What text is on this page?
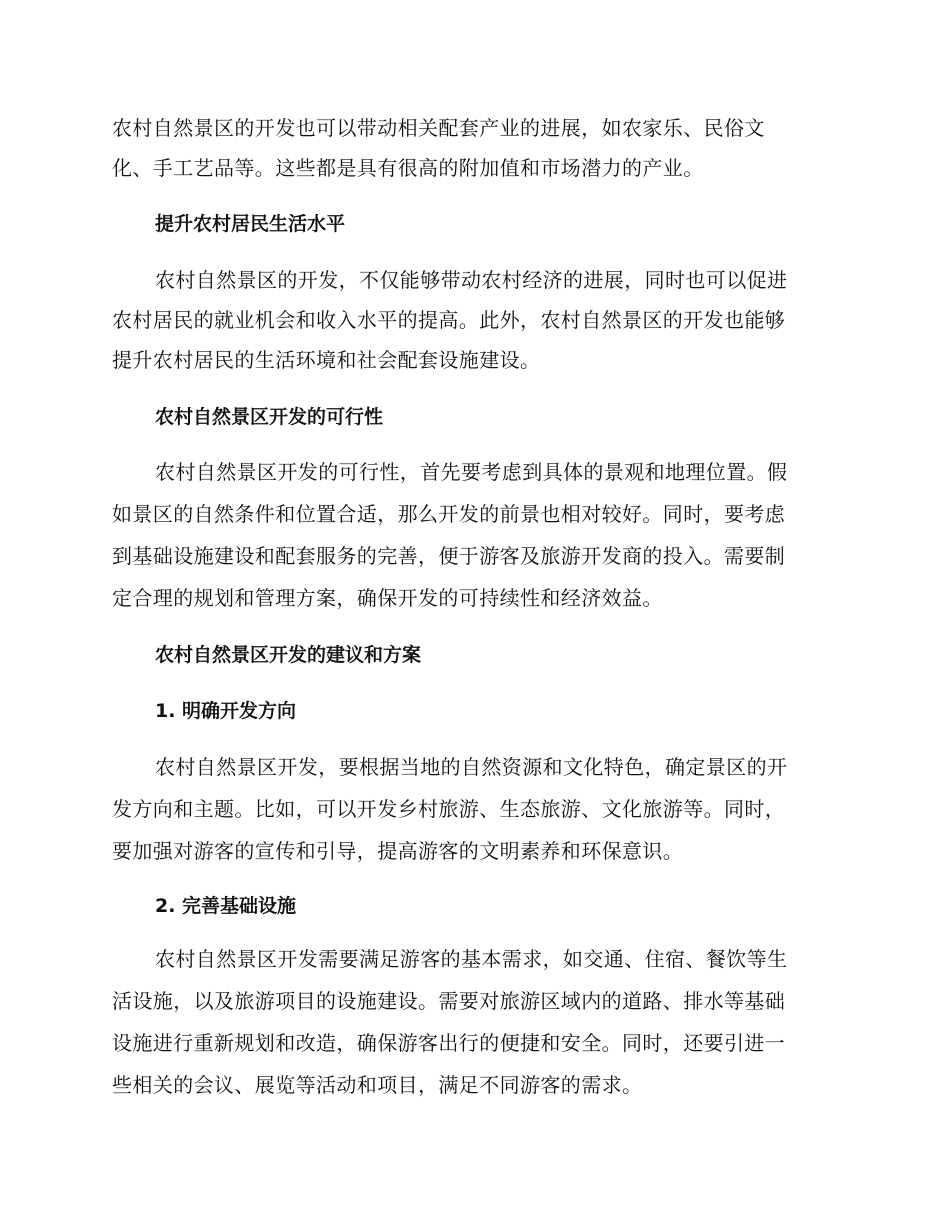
农村自然景区的开发也可以带动相关配套产业的进展，如农家乐、民俗文
化、手工艺品等。这些都是具有很高的附加值和市场潜力的产业。
提升农村居民生活水平
农村自然景区的开发，不仅能够带动农村经济的进展，同时也可以促进
农村居民的就业机会和收入水平的提高。此外，农村自然景区的开发也能够
提升农村居民的生活环境和社会配套设施建设。
农村自然景区开发的可行性
农村自然景区开发的可行性，首先要考虑到具体的景观和地理位置。假
如景区的自然条件和位置合适，那么开发的前景也相对较好。同时，要考虑
到基础设施建设和配套服务的完善，便于游客及旅游开发商的投入。需要制
定合理的规划和管理方案，确保开发的可持续性和经济效益。
农村自然景区开发的建议和方案
1. 明确开发方向
农村自然景区开发，要根据当地的自然资源和文化特色，确定景区的开
发方向和主题。比如，可以开发乡村旅游、生态旅游、文化旅游等。同时，
要加强对游客的宣传和引导，提高游客的文明素养和环保意识。
2. 完善基础设施
农村自然景区开发需要满足游客的基本需求，如交通、住宿、餐饮等生
活设施，以及旅游项目的设施建设。需要对旅游区域内的道路、排水等基础
设施进行重新规划和改造，确保游客出行的便捷和安全。同时，还要引进一
些相关的会议、展览等活动和项目，满足不同游客的需求。
